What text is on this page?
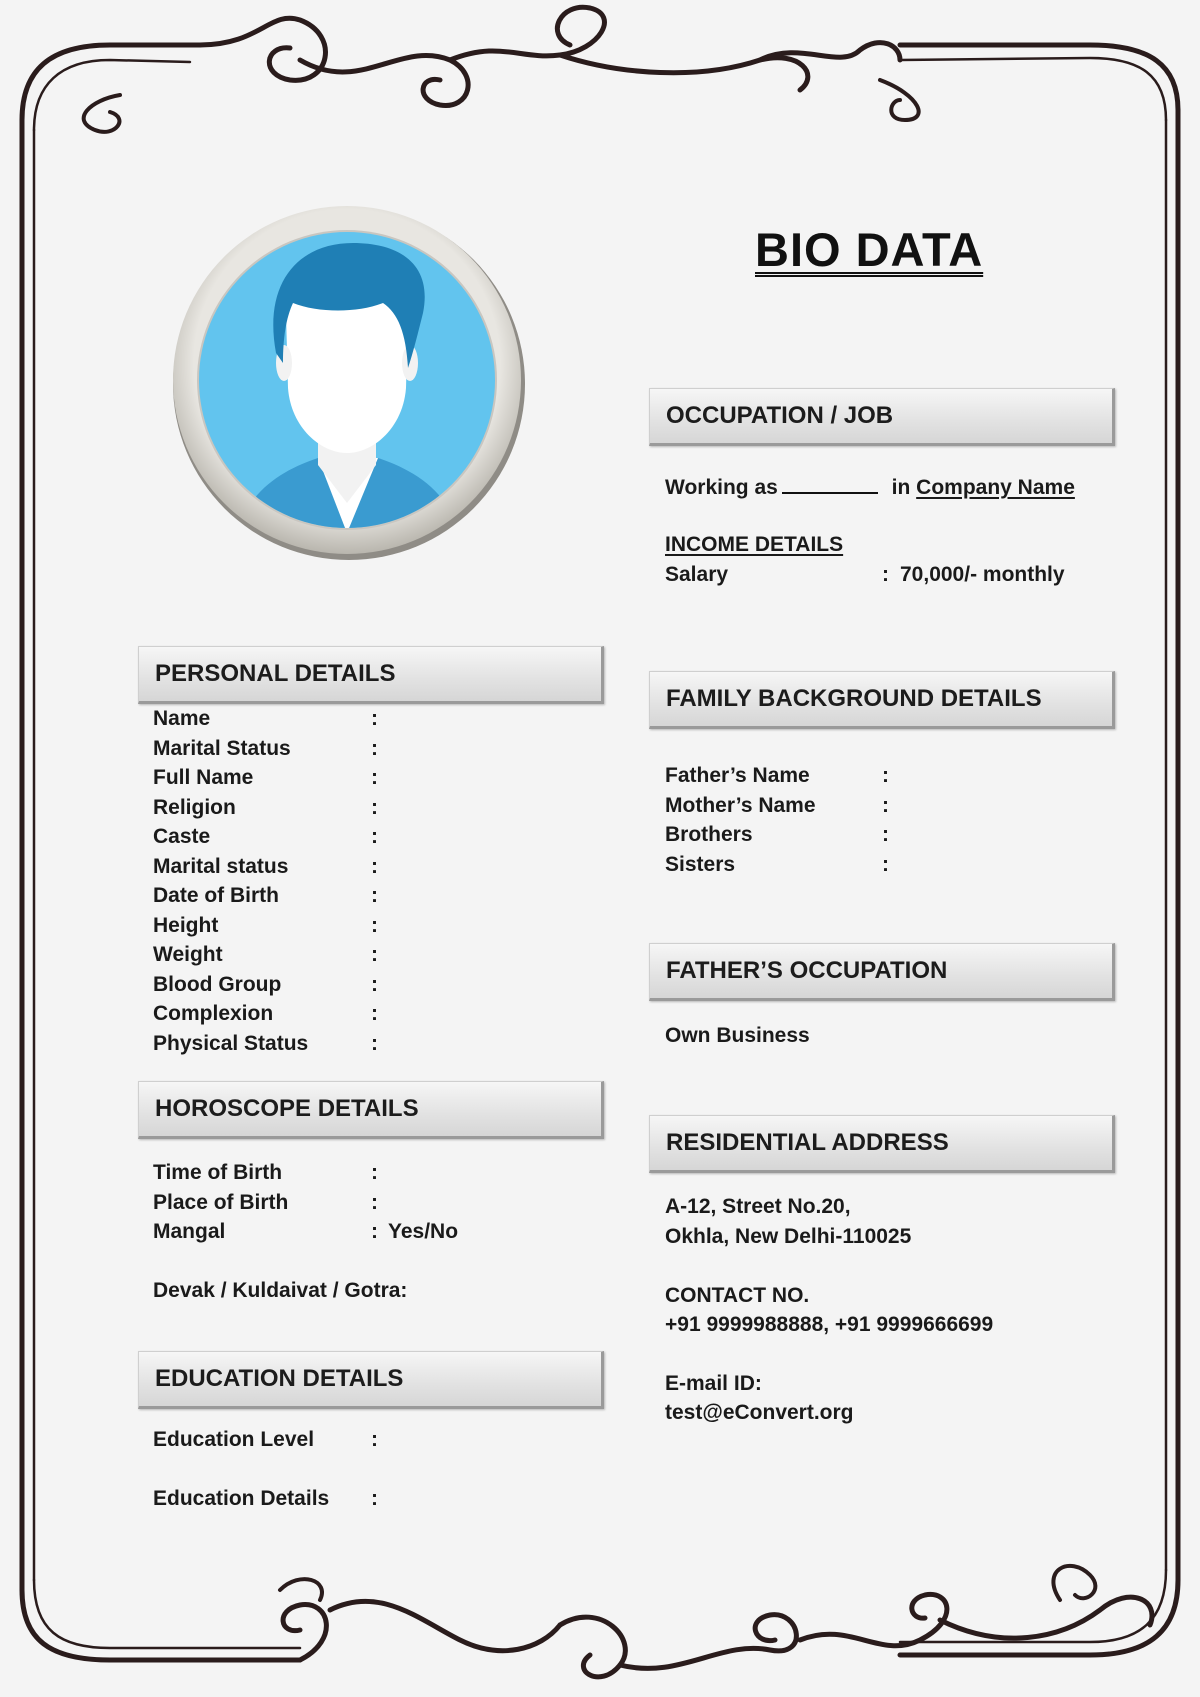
BIO DATA
OCCUPATION / JOB
Working as	in Company Name
INCOME DETAILS
Salary	: 70,000/- monthly
PERSONAL DETAILS
Name	:
Marital Status	:
Full Name	:
Religion	:
Caste	:
Marital status	:
Date of Birth	:
Height	:
Weight	:
Blood Group	:
Complexion	:
Physical Status	:
FAMILY BACKGROUND DETAILS
Father’s Name	:
Mother’s Name	:
Brothers	:
Sisters	:
FATHER’S OCCUPATION
Own Business
HOROSCOPE DETAILS
Time of Birth	:
Place of Birth	:
Mangal	: Yes/No
Devak / Kuldaivat / Gotra:
RESIDENTIAL ADDRESS
A-12, Street No.20,
Okhla, New Delhi-110025
CONTACT NO.
+91 9999988888, +91 9999666699
E-mail ID:
test@eConvert.org
EDUCATION DETAILS
Education Level	:
Education Details :
